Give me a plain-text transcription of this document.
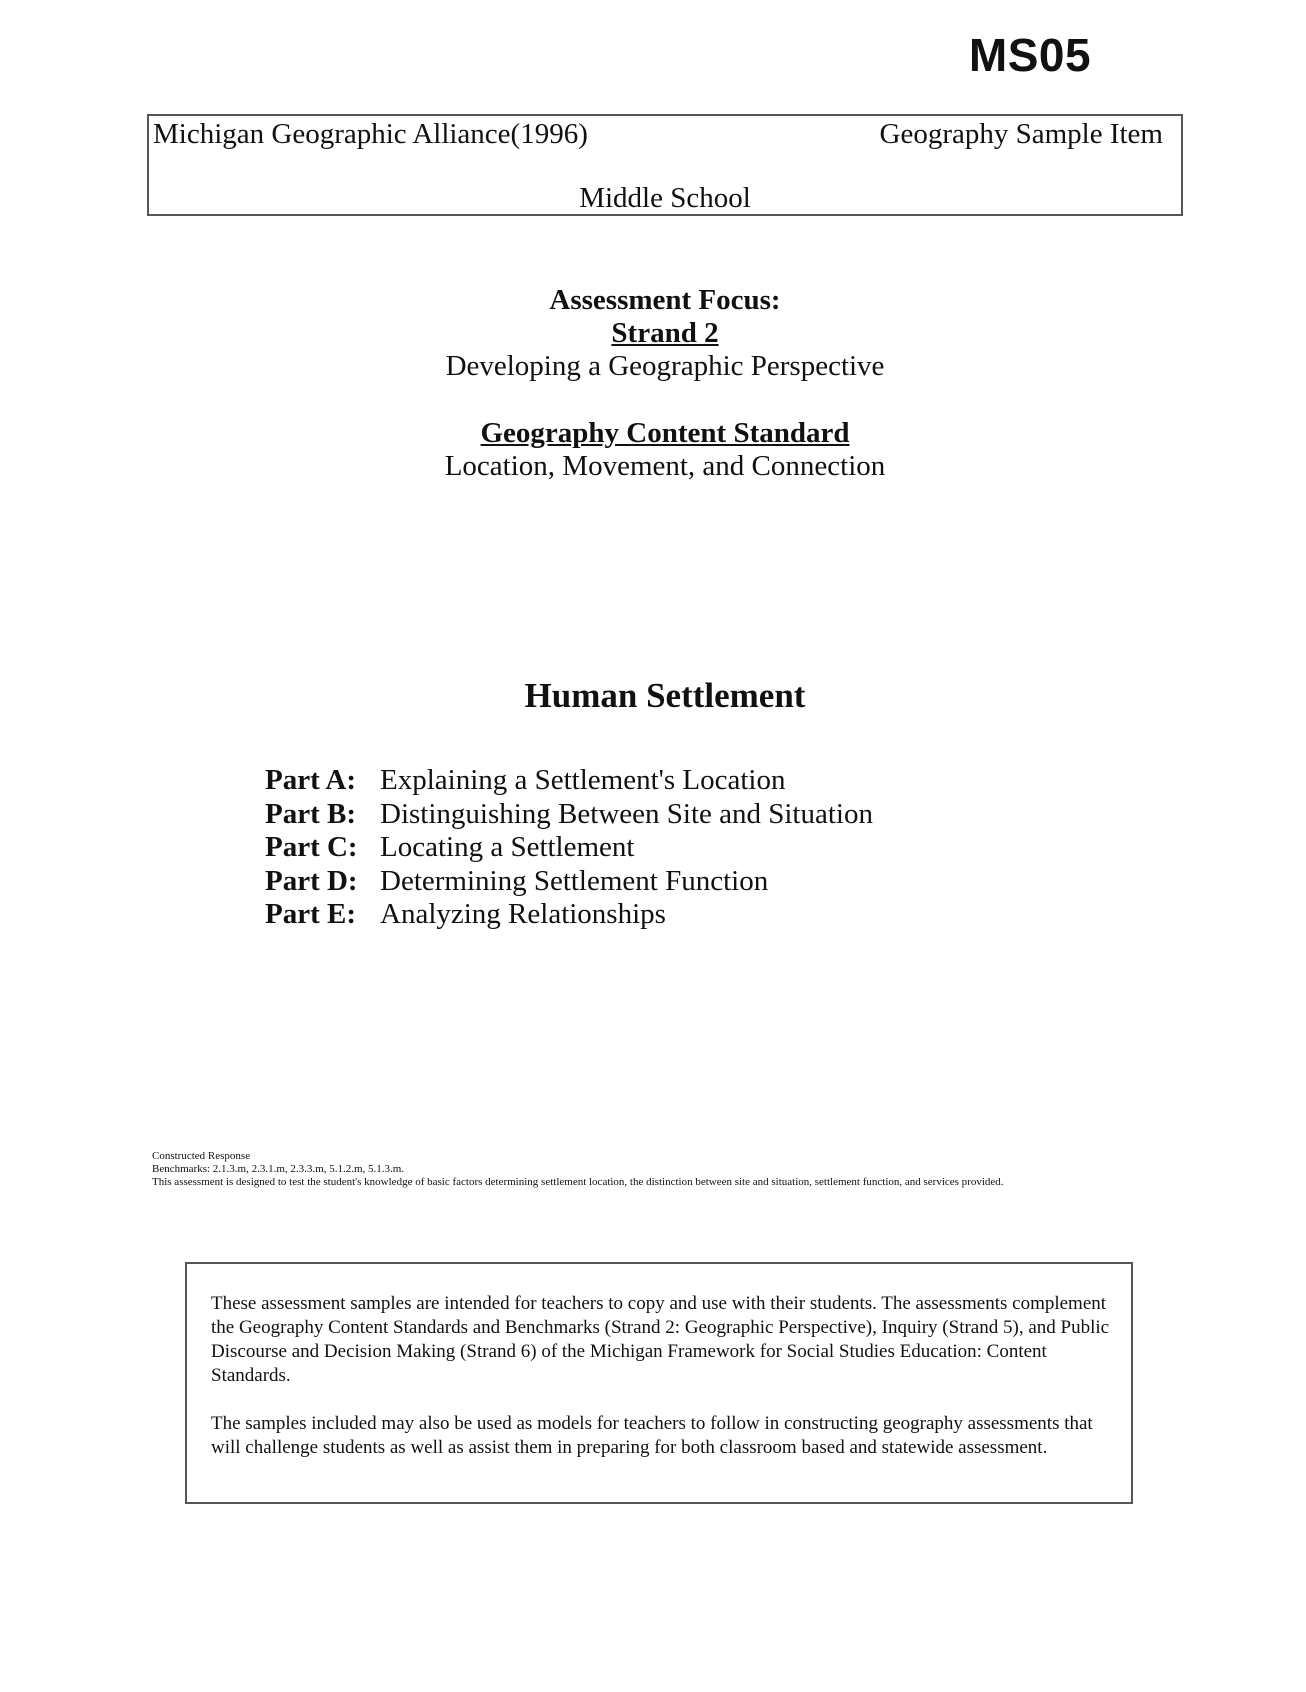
MS05
Michigan Geographic Alliance(1996)	Geography Sample Item
Middle School
Assessment Focus:
Strand 2
Developing a Geographic Perspective
Geography Content Standard
Location, Movement, and Connection
Human Settlement
Part A: Explaining a Settlement's Location
Part B: Distinguishing Between Site and Situation
Part C: Locating a Settlement
Part D: Determining Settlement Function
Part E: Analyzing Relationships
Constructed Response
Benchmarks: 2.1.3.m, 2.3.1.m, 2.3.3.m, 5.1.2.m, 5.1.3.m.
This assessment is designed to test the student's knowledge of basic factors determining settlement location, the distinction between site and situation, settlement function, and services provided.

These assessment samples are intended for teachers to copy and use with their students. The assessments complement the Geography Content Standards and Benchmarks (Strand 2: Geographic Perspective), Inquiry (Strand 5), and Public Discourse and Decision Making (Strand 6) of the Michigan Framework for Social Studies Education: Content Standards.

The samples included may also be used as models for teachers to follow in constructing geography assessments that will challenge students as well as assist them in preparing for both classroom based and statewide assessment.
